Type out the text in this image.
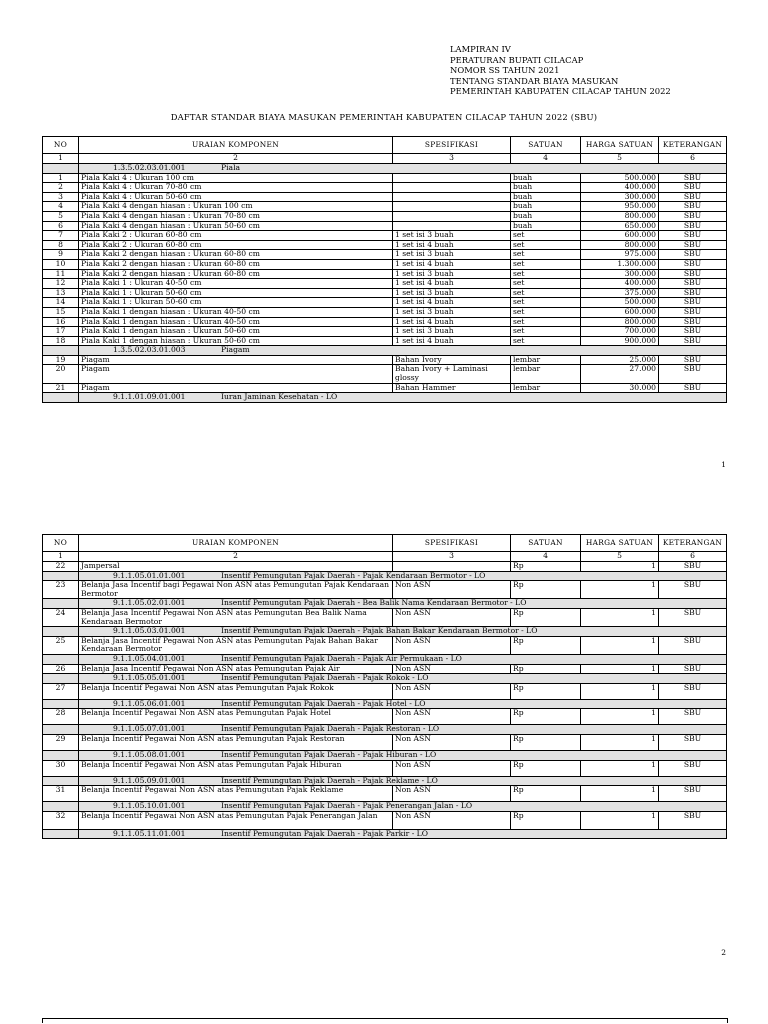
LAMPIRAN IV
PERATURAN BUPATI CILACAP
NOMOR SS TAHUN 2021
TENTANG STANDAR BIAYA MASUKAN
PEMERINTAH KABUPATEN CILACAP TAHUN 2022
DAFTAR STANDAR BIAYA MASUKAN PEMERINTAH KABUPATEN CILACAP TAHUN 2022 (SBU)
NO	URAIAN KOMPONEN	SPESIFIKASI	SATUAN	HARGA SATUAN	KETERANGAN
1	2	3	4	5	6
	1.3.5.02.03.01.001 Piala				
1	Piala Kaki 4 : Ukuran 100 cm		buah	500.000	SBU
2	Piala Kaki 4 : Ukuran 70-80 cm		buah	400.000	SBU
3	Piala Kaki 4 : Ukuran 50-60 cm		buah	300.000	SBU
4	Piala Kaki 4 dengan hiasan : Ukuran 100 cm		buah	950.000	SBU
5	Piala Kaki 4 dengan hiasan : Ukuran 70-80 cm		buah	800.000	SBU
6	Piala Kaki 4 dengan hiasan : Ukuran 50-60 cm		buah	650.000	SBU
7	Piala Kaki 2 : Ukuran 60-80 cm	1 set isi 3 buah	set	600.000	SBU
8	Piala Kaki 2 : Ukuran 60-80 cm	1 set isi 4 buah	set	800.000	SBU
9	Piala Kaki 2 dengan hiasan : Ukuran 60-80 cm	1 set isi 3 buah	set	975.000	SBU
10	Piala Kaki 2 dengan hiasan : Ukuran 60-80 cm	1 set isi 4 buah	set	1.300.000	SBU
11	Piala Kaki 2 dengan hiasan : Ukuran 60-80 cm	1 set isi 3 buah	set	300.000	SBU
12	Piala Kaki 1 : Ukuran 40-50 cm	1 set isi 4 buah	set	400.000	SBU
13	Piala Kaki 1 : Ukuran 50-60 cm	1 set isi 3 buah	set	375.000	SBU
14	Piala Kaki 1 : Ukuran 50-60 cm	1 set isi 4 buah	set	500.000	SBU
15	Piala Kaki 1 dengan hiasan : Ukuran 40-50 cm	1 set isi 3 buah	set	600.000	SBU
16	Piala Kaki 1 dengan hiasan : Ukuran 40-50 cm	1 set isi 4 buah	set	800.000	SBU
17	Piala Kaki 1 dengan hiasan : Ukuran 50-60 cm	1 set isi 3 buah	set	700.000	SBU
18	Piala Kaki 1 dengan hiasan : Ukuran 50-60 cm	1 set isi 4 buah	set	900.000	SBU
	1.3.5.02.03.01.003 Piagam				
19	Piagam	Bahan Ivory	lembar	25.000	SBU
20	Piagam	Bahan Ivory + Laminasi glossy	lembar	27.000	SBU
21	Piagam	Bahan Hammer	lembar	30.000	SBU
	9.1.1.01.09.01.001 Iuran Jaminan Kesehatan - LO				
1
NO	URAIAN KOMPONEN	SPESIFIKASI	SATUAN	HARGA SATUAN	KETERANGAN
1	2	3	4	5	6
22	Jampersal		Rp	1	SBU
	9.1.1.05.01.01.001 Insentif Pemungutan Pajak Daerah - Pajak Kendaraan Bermotor - LO				
23	Belanja Jasa Incentif bagi Pegawai Non ASN atas Pemungutan Pajak Kendaraan Bermotor	Non ASN	Rp	1	SBU
	9.1.1.05.02.01.001 Insentif Pemungutan Pajak Daerah - Bea Balik Nama Kendaraan Bermotor - LO				
24	Belanja Jasa Incentif Pegawai Non ASN atas Pemungutan Bea Balik Nama Kendaraan Bermotor	Non ASN	Rp	1	SBU
	9.1.1.05.03.01.001 Insentif Pemungutan Pajak Daerah - Pajak Bahan Bakar Kendaraan Bermotor - LO				
25	Belanja Jasa Incentif Pegawai Non ASN atas Pemungutan Pajak Bahan Bakar Kendaraan Bermotor	Non ASN	Rp	1	SBU
	9.1.1.05.04.01.001 Insentif Pemungutan Pajak Daerah - Pajak Air Permukaan - LO				
26	Belanja Jasa Incentif Pegawai Non ASN atas Pemungutan Pajak Air	Non ASN	Rp	1	SBU
	9.1.1.05.05.01.001 Insentif Pemungutan Pajak Daerah - Pajak Rokok - LO				
27	Belanja Incentif Pegawai Non ASN atas Pemungutan Pajak Rokok	Non ASN	Rp	1	SBU
	9.1.1.05.06.01.001 Insentif Pemungutan Pajak Daerah - Pajak Hotel - LO				
28	Belanja Incentif Pegawai Non ASN atas Pemungutan Pajak Hotel	Non ASN	Rp	1	SBU
	9.1.1.05.07.01.001 Insentif Pemungutan Pajak Daerah - Pajak Restoran - LO				
29	Belanja Incentif Pegawai Non ASN atas Pemungutan Pajak Restoran	Non ASN	Rp	1	SBU
	9.1.1.05.08.01.001 Insentif Pemungutan Pajak Daerah - Pajak Hiburan - LO				
30	Belanja Incentif Pegawai Non ASN atas Pemungutan Pajak Hiburan	Non ASN	Rp	1	SBU
	9.1.1.05.09.01.001 Insentif Pemungutan Pajak Daerah - Pajak Reklame - LO				
31	Belanja Incentif Pegawai Non ASN atas Pemungutan Pajak Reklame	Non ASN	Rp	1	SBU
	9.1.1.05.10.01.001 Insentif Pemungutan Pajak Daerah - Pajak Penerangan Jalan - LO				
32	Belanja Incentif Pegawai Non ASN atas Pemungutan Pajak Penerangan Jalan	Non ASN	Rp	1	SBU
	9.1.1.05.11.01.001 Insentif Pemungutan Pajak Daerah - Pajak Parkir - LO				
2
